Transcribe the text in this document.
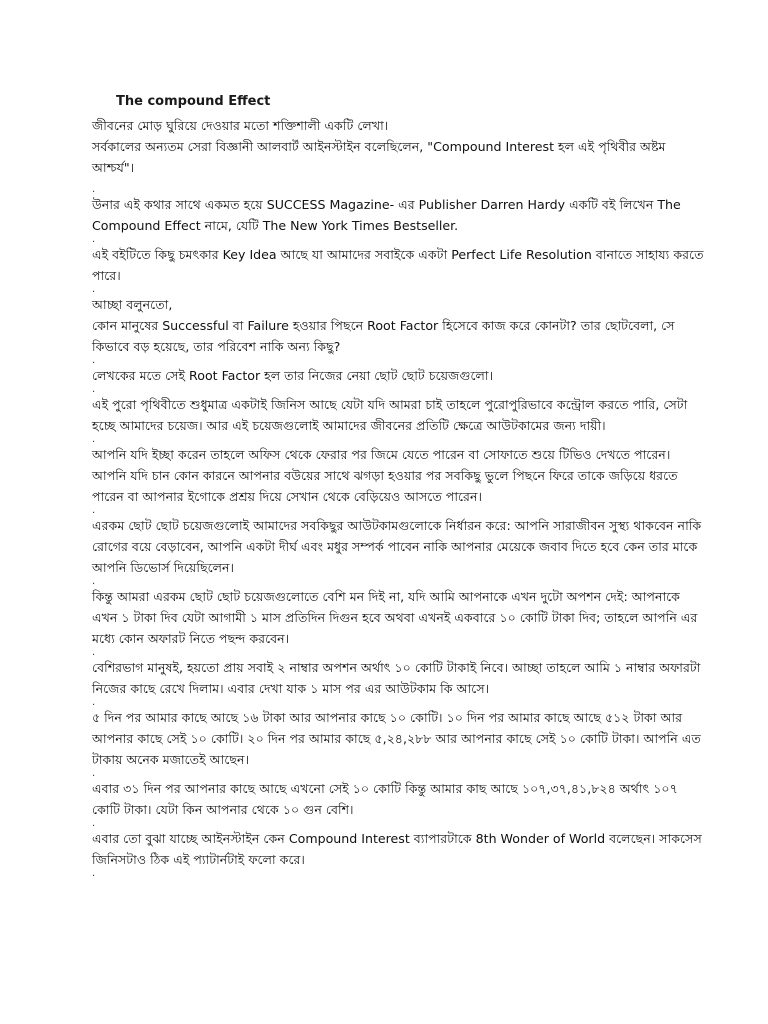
The compound Effect

জীবনের মোড় ঘুরিয়ে দেওয়ার মতো শক্তিশালী একটি লেখা।

সর্বকালের অন্যতম সেরা বিজ্ঞানী আলবার্ট আইনস্টাইন বলেছিলেন, "Compound Interest হল এই পৃথিবীর অষ্টম আশ্চর্য"।

.

উনার এই কথার সাথে একমত হয়ে SUCCESS Magazine- এর Publisher Darren Hardy একটি বই লিখেন The Compound Effect নামে, যেটি The New York Times Bestseller.

.

এই বইটিতে কিছু চমৎকার Key Idea আছে যা আমাদের সবাইকে একটা Perfect Life Resolution বানাতে সাহায্য করতে পারে।

.

আচ্ছা বলুনতো,

কোন মানুষের Successful বা Failure হওয়ার পিছনে Root Factor হিসেবে কাজ করে কোনটা? তার ছোটবেলা, সে কিভাবে বড় হয়েছে, তার পরিবেশ নাকি অন্য কিছু?

.

লেখকের মতে সেই Root Factor হল তার নিজের নেয়া ছোট ছোট চয়েজগুলো।

.

এই পুরো পৃথিবীতে শুধুমাত্র একটাই জিনিস আছে যেটা যদি আমরা চাই তাহলে পুরোপুরিভাবে কন্ট্রোল করতে পারি, সেটা হচ্ছে আমাদের চয়েজ। আর এই চয়েজগুলোই আমাদের জীবনের প্রতিটি ক্ষেত্রে আউটকামের জন্য দায়ী।

.

আপনি যদি ইচ্ছা করেন তাহলে অফিস থেকে ফেরার পর জিমে যেতে পারেন বা সোফাতে শুয়ে টিভিও দেখতে পারেন। আপনি যদি চান কোন কারনে আপনার বউয়ের সাথে ঝগড়া হওয়ার পর সবকিছু ভুলে পিছনে ফিরে তাকে জড়িয়ে ধরতে পারেন বা আপনার ইগোকে প্রশ্রয় দিয়ে সেখান থেকে বেড়িয়েও আসতে পারেন।

.

এরকম ছোট ছোট চয়েজগুলোই আমাদের সবকিছুর আউটকামগুলোকে নির্ধারন করে: আপনি সারাজীবন সুস্থ্য থাকবেন নাকি রোগের বয়ে বেড়াবেন, আপনি একটা দীর্ঘ এবং মধুর সম্পর্ক পাবেন নাকি আপনার মেয়েকে জবাব দিতে হবে কেন তার মাকে আপনি ডিভোর্স দিয়েছিলেন।

.

কিন্তু আমরা এরকম ছোট ছোট চয়েজগুলোতে বেশি মন দিই না, যদি আমি আপনাকে এখন দুটো অপশন দেই: আপনাকে এখন ১ টাকা দিব যেটা আগামী ১ মাস প্রতিদিন দিগুন হবে অথবা এখনই একবারে ১০ কোটি টাকা দিব; তাহলে আপনি এর মধ্যে কোন অফারট নিতে পছন্দ করবেন।

.

বেশিরভাগ মানুষই, হয়তো প্রায় সবাই ২ নাম্বার অপশন অর্থাৎ ১০ কোটি টাকাই নিবে। আচ্ছা তাহলে আমি ১ নাম্বার অফারটা নিজের কাছে রেখে দিলাম। এবার দেখা যাক ১ মাস পর এর আউটকাম কি আসে।

.

৫ দিন পর আমার কাছে আছে ১৬ টাকা আর আপনার কাছে ১০ কোটি। ১০ দিন পর আমার কাছে আছে ৫১২ টাকা আর আপনার কাছে সেই ১০ কোটি। ২০ দিন পর আমার কাছে ৫,২৪,২৮৮ আর আপনার কাছে সেই ১০ কোটি টাকা। আপনি এত টাকায় অনেক মজাতেই আছেন।

.

এবার ৩১ দিন পর আপনার কাছে আছে এখনো সেই ১০ কোটি কিন্তু আমার কাছ আছে ১০৭,৩৭,৪১,৮২৪ অর্থাৎ ১০৭ কোটি টাকা। যেটা কিন আপনার থেকে ১০ গুন বেশি।

.

এবার তো বুঝা যাচ্ছে আইনস্টাইন কেন Compound Interest ব্যাপারটাকে 8th Wonder of World বলেছেন। সাকসেস জিনিসটাও ঠিক এই প্যাটার্নটাই ফলো করে।

.
